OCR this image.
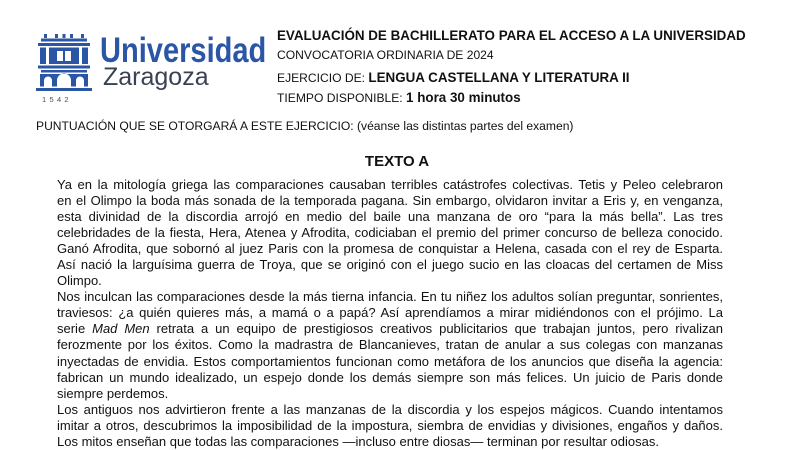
1542
Universidad
Zaragoza
EVALUACIÓN DE BACHILLERATO PARA EL ACCESO A LA UNIVERSIDAD
CONVOCATORIA ORDINARIA DE 2024
EJERCICIO DE: LENGUA CASTELLANA Y LITERATURA II
TIEMPO DISPONIBLE: 1 hora 30 minutos
PUNTUACIÓN QUE SE OTORGARÁ A ESTE EJERCICIO: (véanse las distintas partes del examen)
TEXTO A
Ya en la mitología griega las comparaciones causaban terribles catástrofes colectivas. Tetis y Peleo celebraron
en el Olimpo la boda más sonada de la temporada pagana. Sin embargo, olvidaron invitar a Eris y, en venganza,
esta divinidad de la discordia arrojó en medio del baile una manzana de oro “para la más bella”. Las tres
celebridades de la fiesta, Hera, Atenea y Afrodita, codiciaban el premio del primer concurso de belleza conocido.
Ganó Afrodita, que sobornó al juez Paris con la promesa de conquistar a Helena, casada con el rey de Esparta.
Así nació la larguísima guerra de Troya, que se originó con el juego sucio en las cloacas del certamen de Miss
Olimpo.
Nos inculcan las comparaciones desde la más tierna infancia. En tu niñez los adultos solían preguntar, sonrientes,
traviesos: ¿a quién quieres más, a mamá o a papá? Así aprendíamos a mirar midiéndonos con el prójimo. La
serie Mad Men retrata a un equipo de prestigiosos creativos publicitarios que trabajan juntos, pero rivalizan
ferozmente por los éxitos. Como la madrastra de Blancanieves, tratan de anular a sus colegas con manzanas
inyectadas de envidia. Estos comportamientos funcionan como metáfora de los anuncios que diseña la agencia:
fabrican un mundo idealizado, un espejo donde los demás siempre son más felices. Un juicio de Paris donde
siempre perdemos.
Los antiguos nos advirtieron frente a las manzanas de la discordia y los espejos mágicos. Cuando intentamos
imitar a otros, descubrimos la imposibilidad de la impostura, siembra de envidias y divisiones, engaños y daños.
Los mitos enseñan que todas las comparaciones —incluso entre diosas— terminan por resultar odiosas.
